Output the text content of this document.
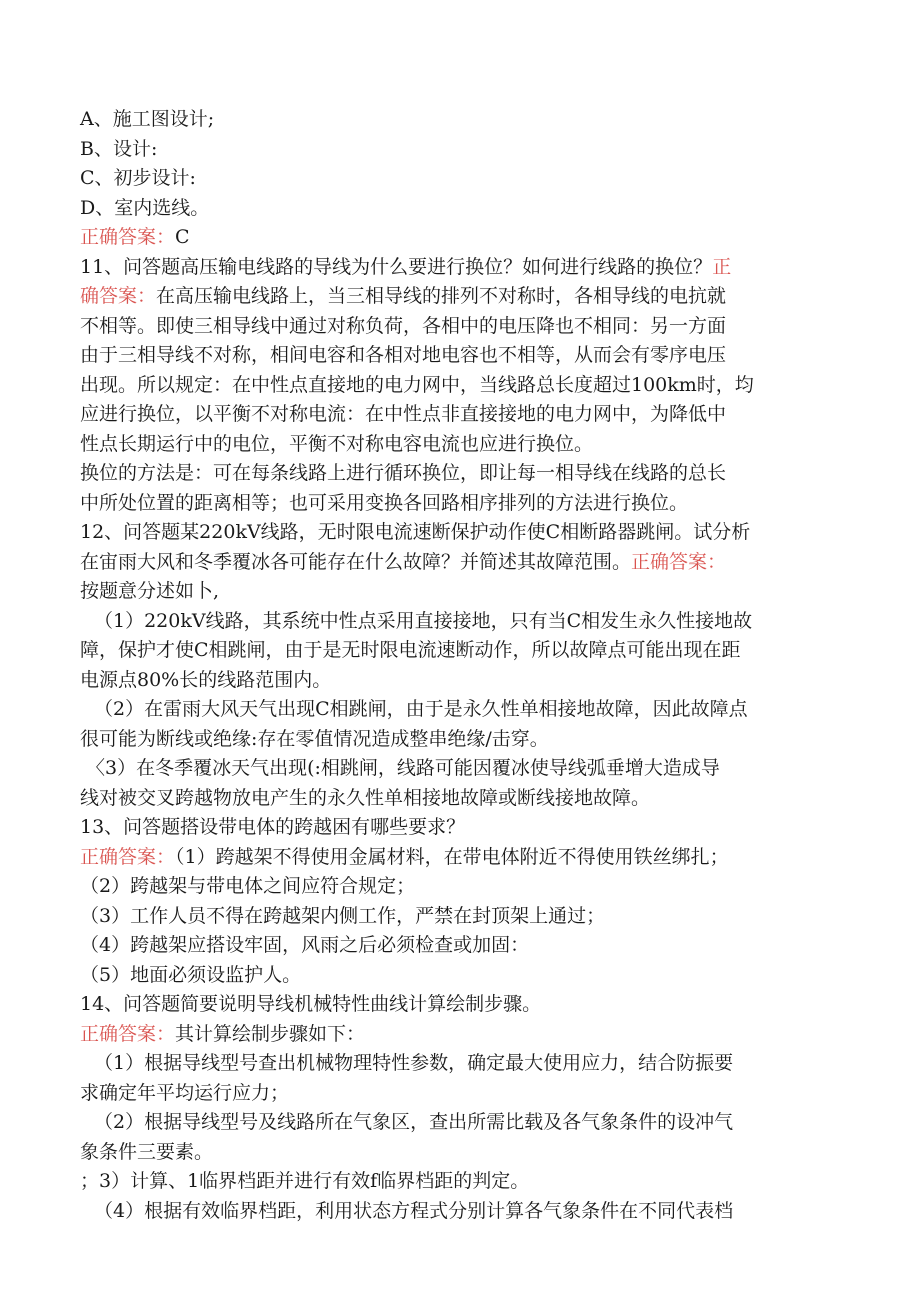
A、施工图设计;
B、设计:
C、初步设计:
D、室内选线。
正确答案：C
11、问答题高压输电线路的导线为什么要进行换位？如何进行线路的换位？正
确答案：在高压输电线路上，当三相导线的排列不对称时，各相导线的电抗就
不相等。即使三相导线中通过对称负荷，各相中的电压降也不相同：另一方面
由于三相导线不对称，相间电容和各相对地电容也不相等，从而会有零序电压
出现。所以规定：在中性点直接地的电力网中，当线路总长度超过100km时，均
应进行换位，以平衡不对称电流：在中性点非直接接地的电力网中，为降低中
性点长期运行中的电位，平衡不对称电容电流也应进行换位。
换位的方法是：可在每条线路上进行循环换位，即让每一相导线在线路的总长
中所处位置的距离相等；也可采用变换各回路相序排列的方法进行换位。
12、问答题某220kV线路，无时限电流速断保护动作使C相断路器跳闸。试分析
在宙雨大风和冬季覆冰各可能存在什么故障？并简述其故障范围。正确答案：
按题意分述如卜,
（1）220kV线路，其系统中性点采用直接接地，只有当C相发生永久性接地故
障，保护才使C相跳闸，由于是无时限电流速断动作，所以故障点可能出现在距
电源点80%长的线路范围内。
（2）在雷雨大风天气出现C相跳闸，由于是永久性单相接地故障，因此故障点
很可能为断线或绝缘:存在零值情况造成整串绝缘/击穿。
〈3）在冬季覆冰天气出现(:相跳闸，线路可能因覆冰使导线弧垂增大造成导
线对被交叉跨越物放电产生的永久性单相接地故障或断线接地故障。
13、问答题搭设带电体的跨越困有哪些要求？
正确答案：（1）跨越架不得使用金属材料，在带电体附近不得使用铁丝绑扎；
（2）跨越架与带电体之间应符合规定；
（3）工作人员不得在跨越架内侧工作，严禁在封顶架上通过；
（4）跨越架应搭设牢固，风雨之后必须检查或加固：
（5）地面必须设监护人。
14、问答题简要说明导线机械特性曲线计算绘制步骤。
正确答案：其计算绘制步骤如下：
（1）根据导线型号查出机械物理特性参数，确定最大使用应力，结合防振要
求确定年平均运行应力；
（2）根据导线型号及线路所在气象区，查出所需比载及各气象条件的设冲气
象条件三要素。
；3）计算、1临界档距并进行有效f临界档距的判定。
（4）根据有效临界档距，利用状态方程式分别计算各气象条件在不同代表档
